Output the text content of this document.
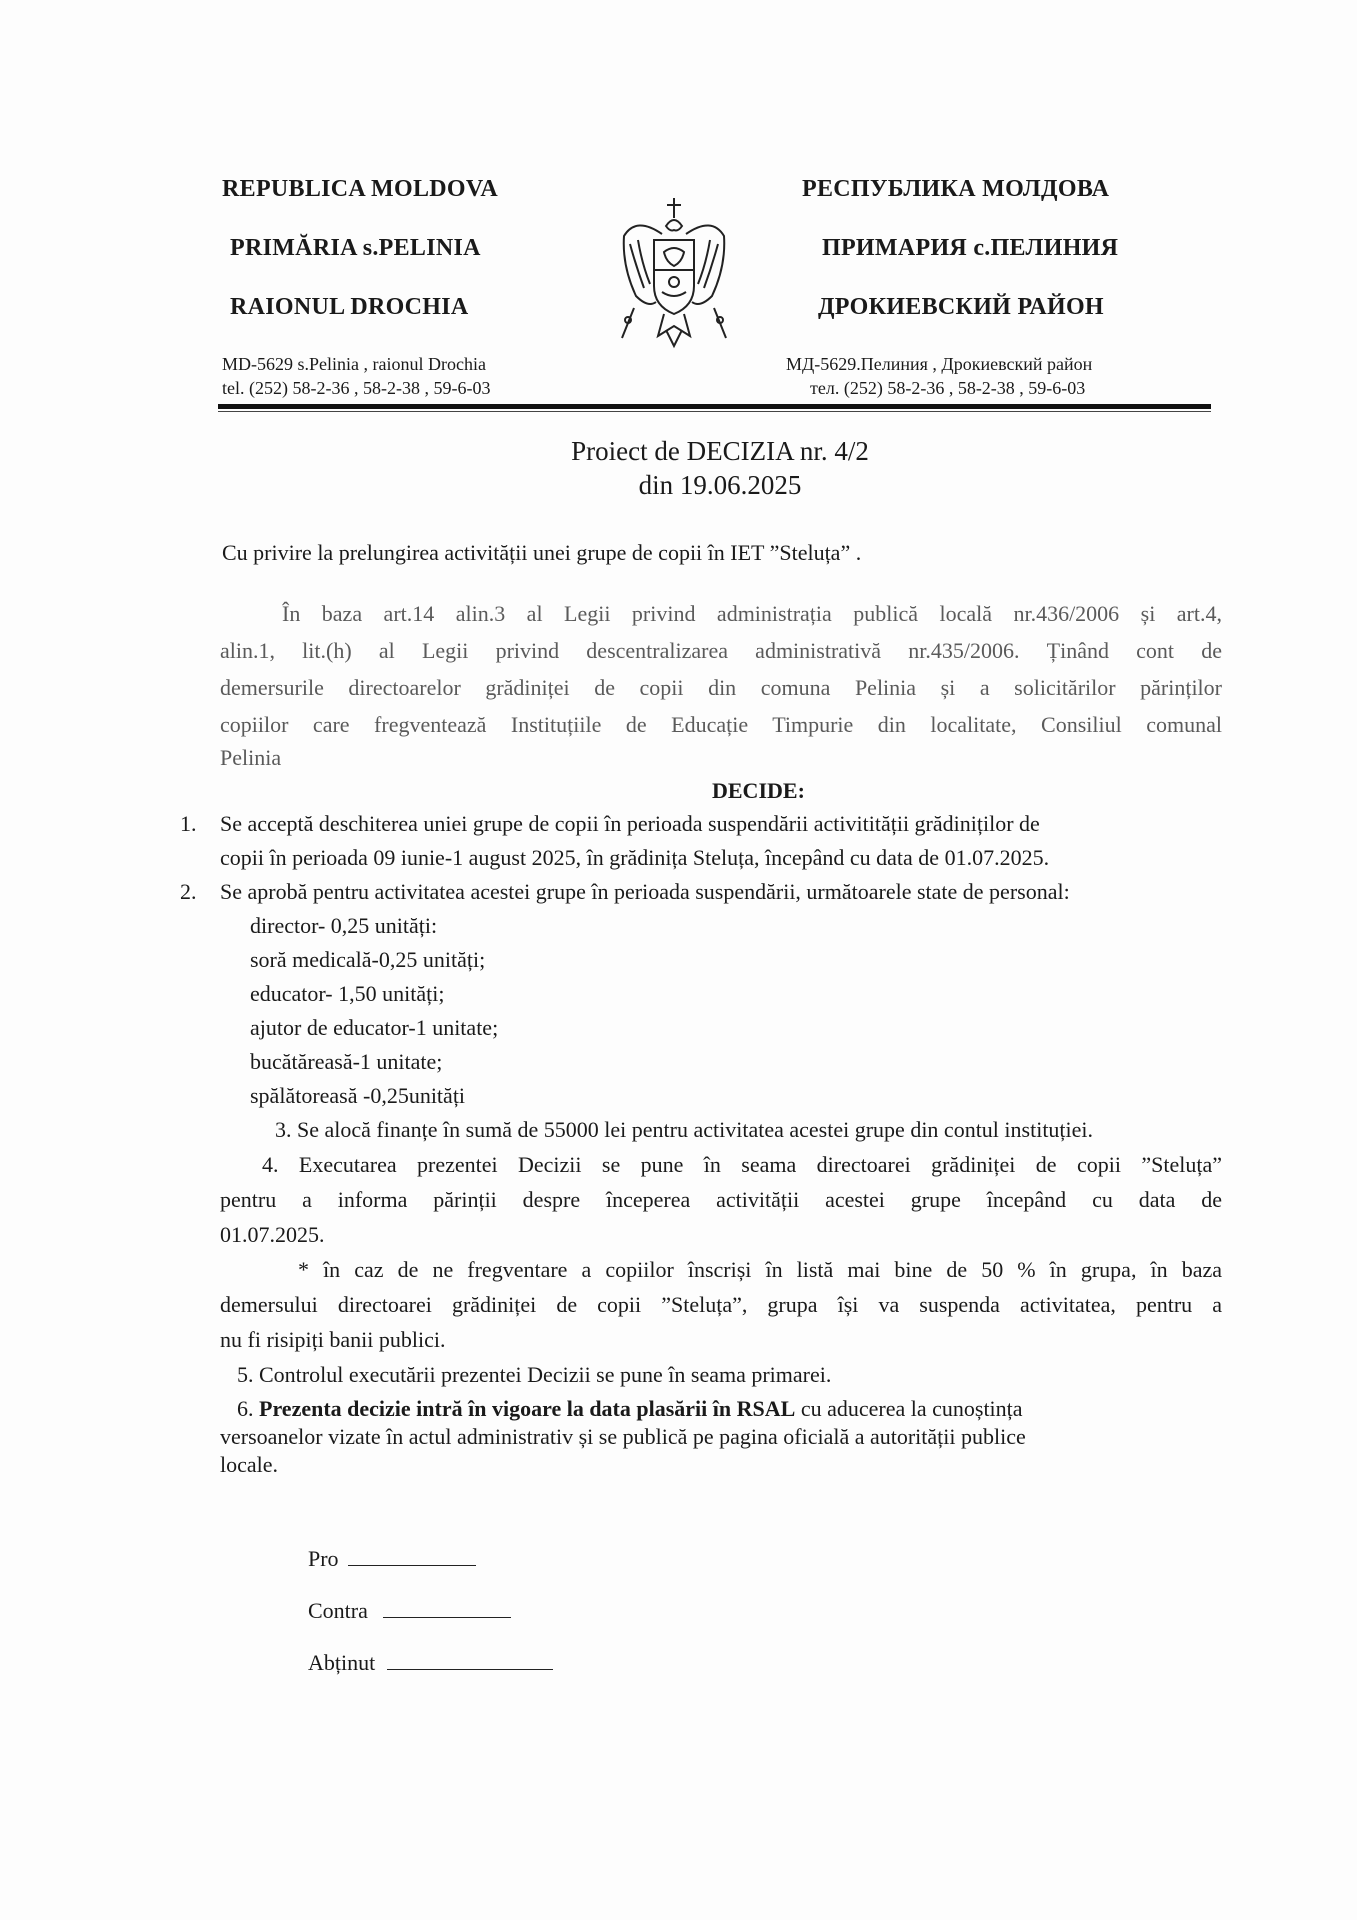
REPUBLICA MOLDOVA
PRIMĂRIA s.PELINIA
RAIONUL DROCHIA
MD-5629 s.Pelinia , raionul Drochia
tel. (252) 58-2-36 , 58-2-38 , 59-6-03
РЕСПУБЛИКА МОЛДОВА
ПРИМАРИЯ с.ПЕЛИНИЯ
ДРОКИЕВСКИЙ РАЙОН
МД-5629.Пелиния , Дрокиевский район
тел. (252) 58-2-36 , 58-2-38 , 59-6-03
Proiect de DECIZIA nr. 4/2
din 19.06.2025
Cu privire la prelungirea activității unei grupe de copii în IET ”Steluța” .
În baza art.14 alin.3 al Legii privind administrația publică locală nr.436/2006 și art.4,
alin.1, lit.(h) al Legii privind descentralizarea administrativă nr.435/2006. Ținând cont de
demersurile directoarelor grădiniței de copii din comuna Pelinia și a solicitărilor părinților
copiilor care fregventează Instituțiile de Educație Timpurie din localitate, Consiliul comunal
Pelinia
DECIDE:
1. Se acceptă deschiterea uniei grupe de copii în perioada suspendării activitității grădiniților de
copii în perioada 09 iunie-1 august 2025, în grădinița Steluța, începând cu data de 01.07.2025.
2. Se aprobă pentru activitatea acestei grupe în perioada suspendării, următoarele state de personal:
director- 0,25 unități:
soră medicală-0,25 unități;
educator- 1,50 unități;
ajutor de educator-1 unitate;
bucătăreasă-1 unitate;
spălătoreasă -0,25unități
3. Se alocă finanțe în sumă de 55000 lei pentru activitatea acestei grupe din contul instituției.
4. Executarea prezentei Decizii se pune în seama directoarei grădiniței de copii ”Steluța”
pentru a informa părinții despre începerea activității acestei grupe începând cu data de
01.07.2025.
* în caz de ne fregventare a copiilor înscriși în listă mai bine de 50 % în grupa, în baza
demersului directoarei grădiniței de copii ”Steluța”, grupa își va suspenda activitatea, pentru a
nu fi risipiți banii publici.
5. Controlul executării prezentei Decizii se pune în seama primarei.
6. Prezenta decizie intră în vigoare la data plasării în RSAL cu aducerea la cunoștința
versoanelor vizate în actul administrativ și se publică pe pagina oficială a autorității publice
locale.
Pro
Contra
Abținut
